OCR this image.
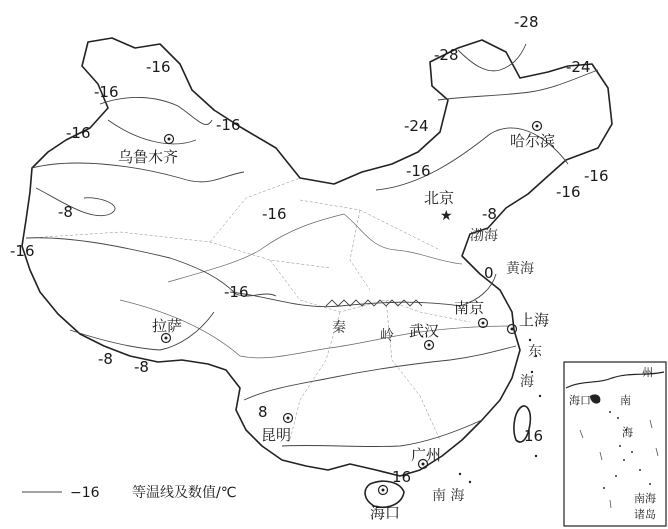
-28
-28
-24
-24
-16
-16
-16	-16
-16	-16
-16
-16
-16
-16
-8	-8
-8 -8
0
8
16
16
★
乌鲁木齐
哈尔滨
北京
拉萨
南京
上海
武汉
昆明
广州
海口
渤海
黄海
东
海
南 海
秦 岭
海口
州
南
海
南海
诸岛
−16 等温线及数值/℃
